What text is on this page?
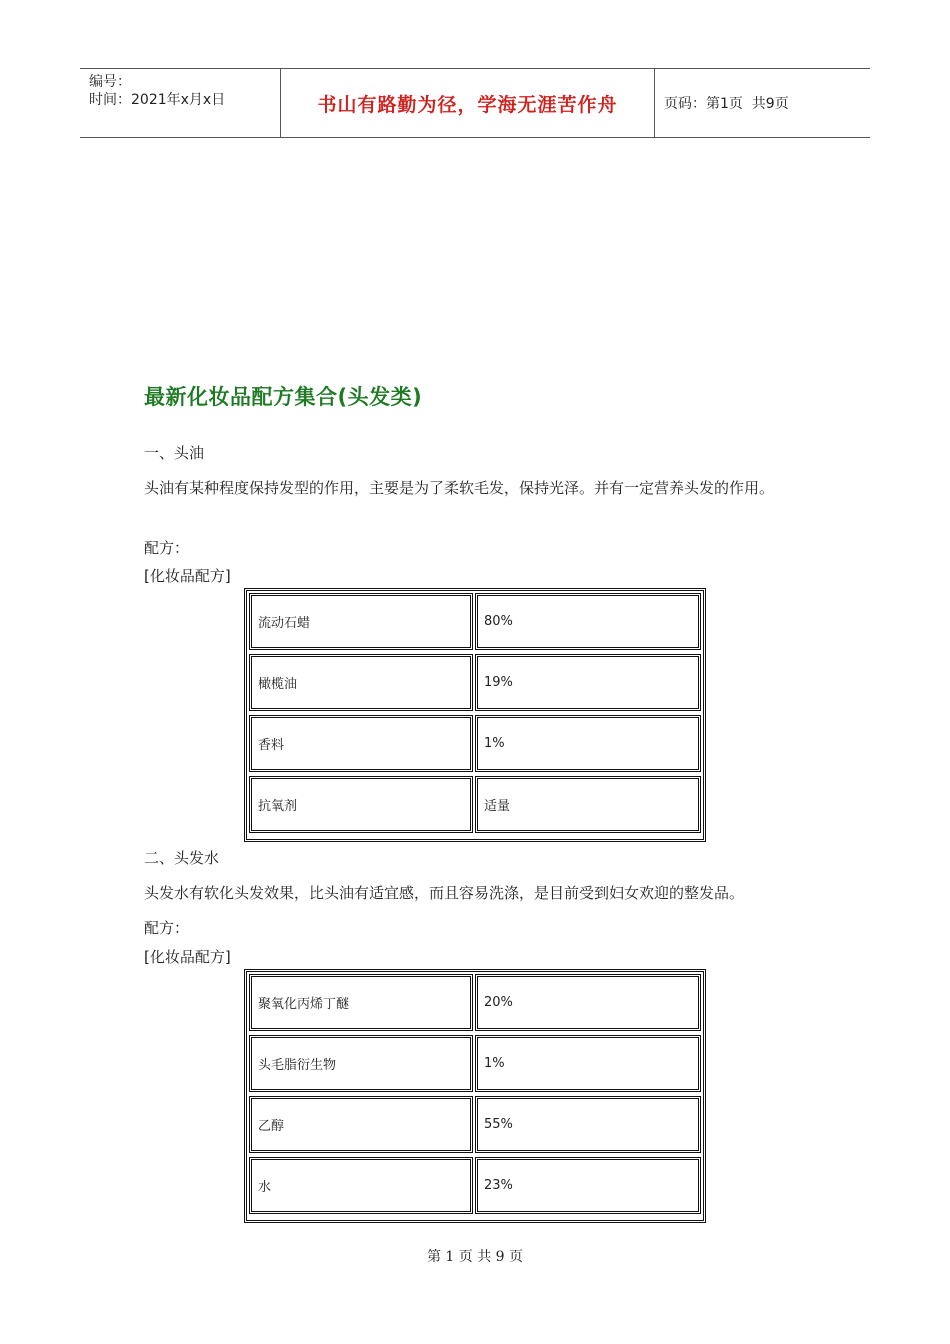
编号：
时间：2021年x月x日	书山有路勤为径，学海无涯苦作舟	页码：第1页  共9页
最新化妆品配方集合(头发类)
一、头油
头油有某种程度保持发型的作用，主要是为了柔软毛发，保持光泽。并有一定营养头发的作用。
配方：
[化妆品配方]
流动石蜡	80%
橄榄油	19%
香料	1%
抗氧剂	适量
二、头发水
头发水有软化头发效果，比头油有适宜感，而且容易洗涤，是目前受到妇女欢迎的整发品。
配方：
[化妆品配方]
聚氧化丙烯丁醚	20%
头毛脂衍生物	1%
乙醇	55%
水	23%
第 1 页 共 9 页
